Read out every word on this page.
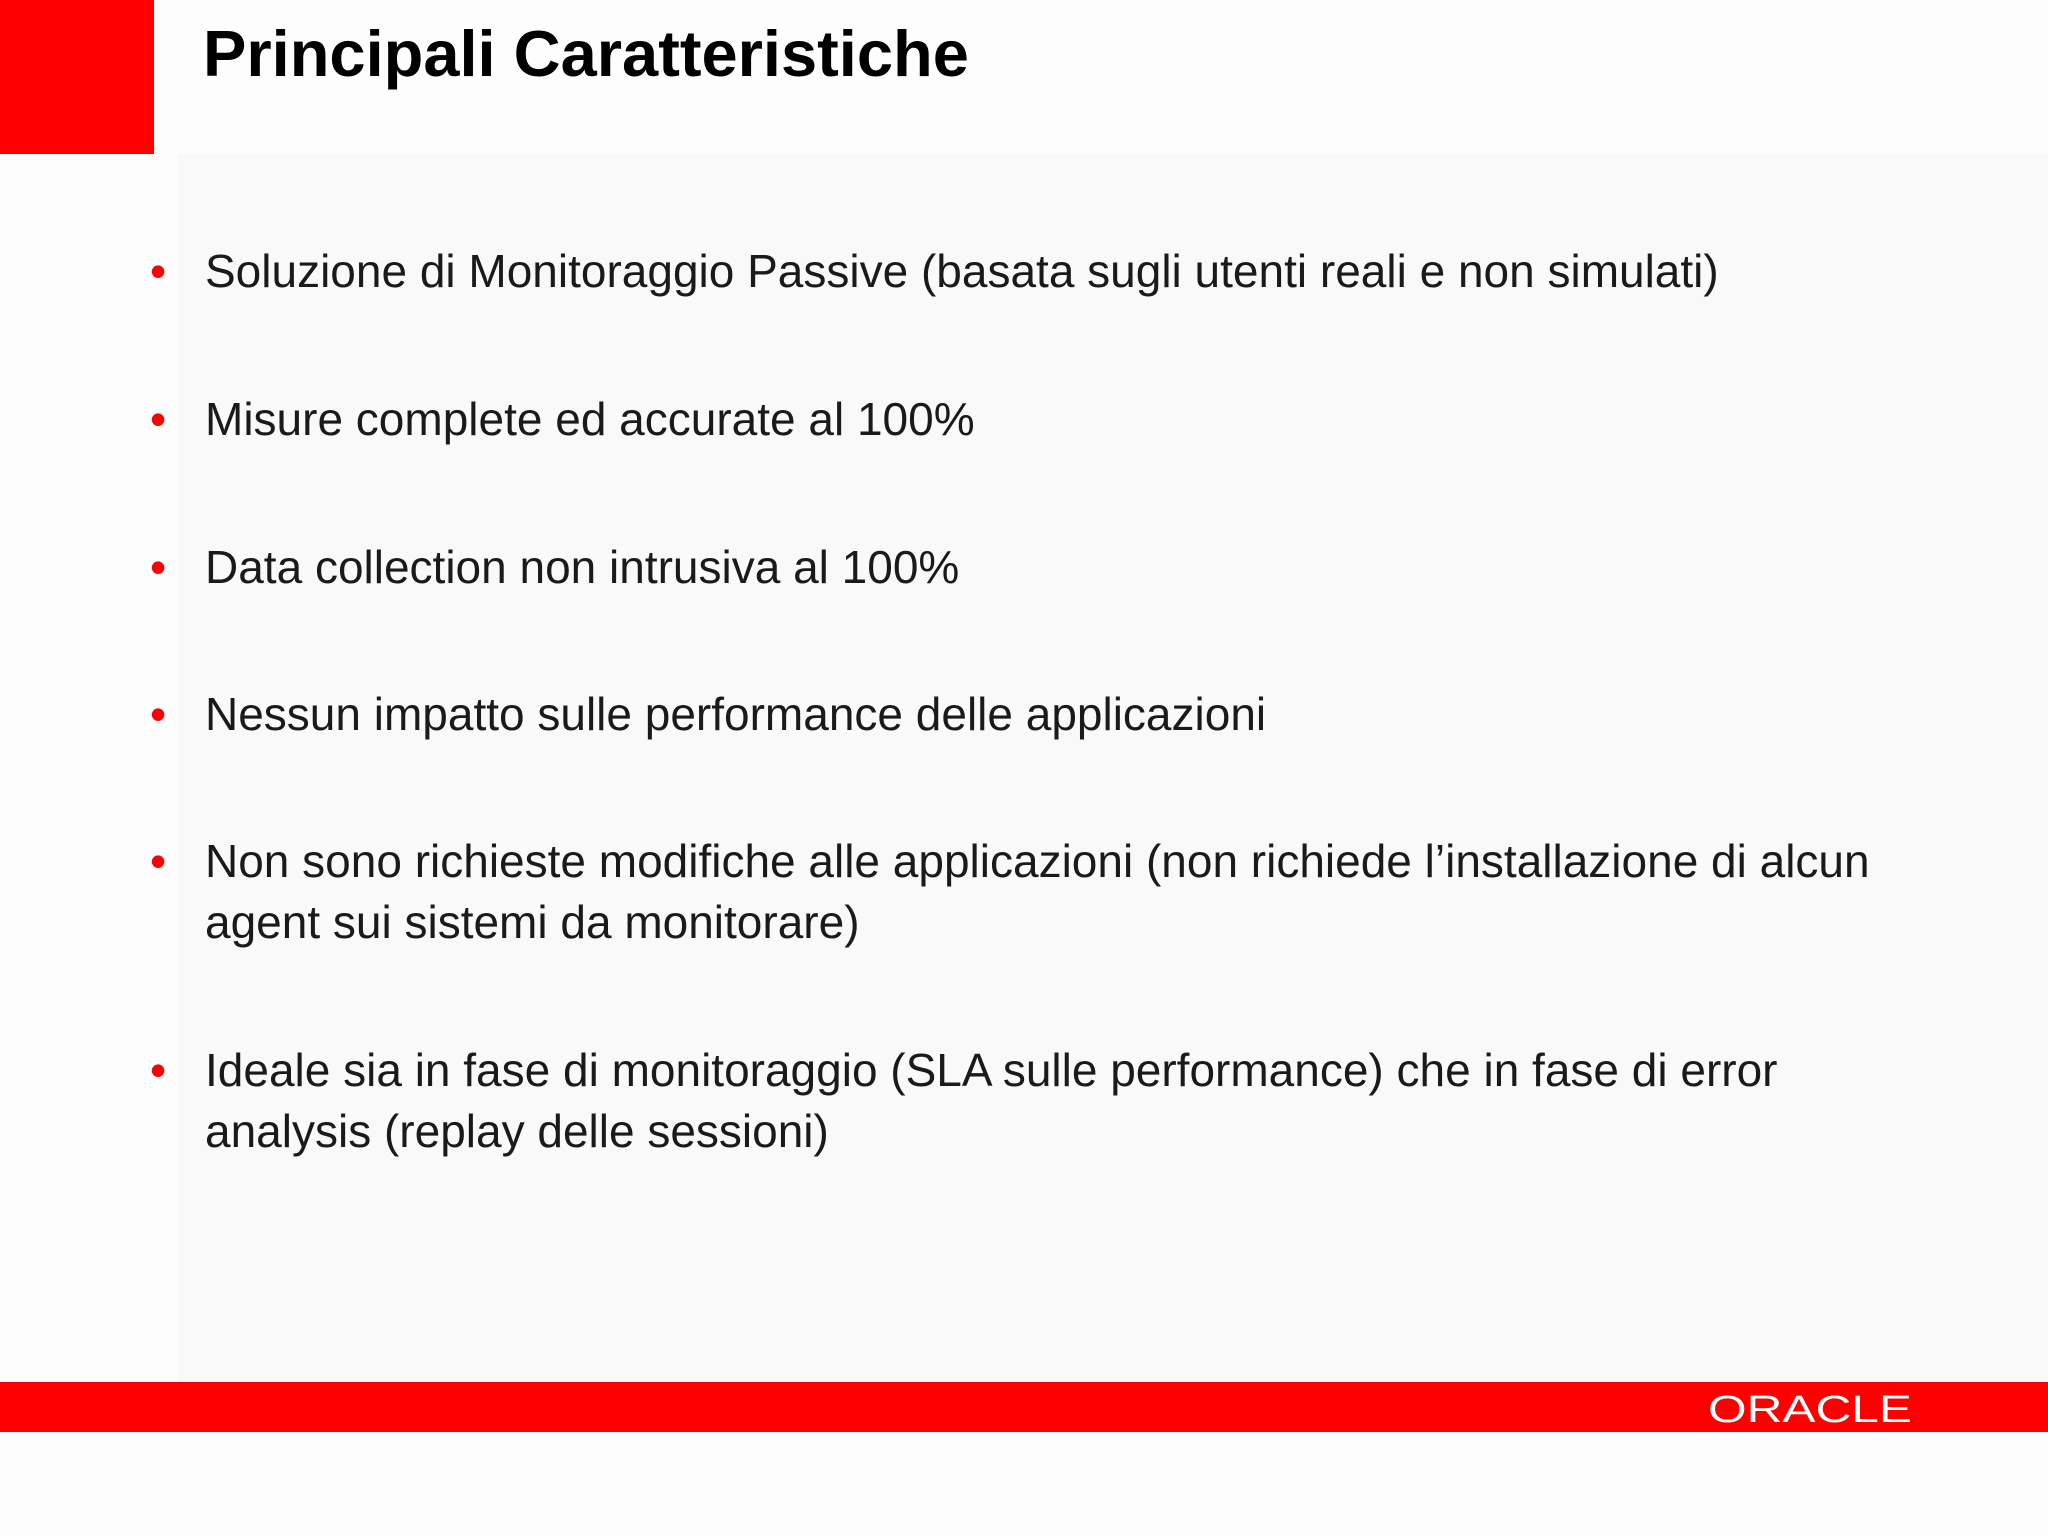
Principali Caratteristiche
• Soluzione di Monitoraggio Passive (basata sugli utenti reali e non simulati)
• Misure complete ed accurate al 100%
• Data collection non intrusiva al 100%
• Nessun impatto sulle performance delle applicazioni
• Non sono richieste modifiche alle applicazioni (non richiede l’installazione di alcun agent sui sistemi da monitorare)
• Ideale sia in fase di monitoraggio (SLA sulle performance) che in fase di error analysis (replay delle sessioni)
ORACLE
